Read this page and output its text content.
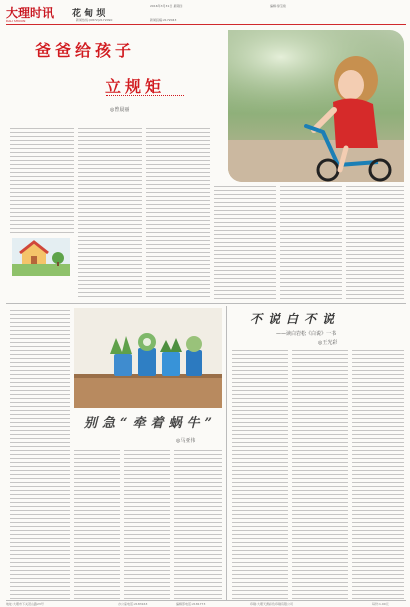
大理时讯
DALI SHIXUN
花 甸 坝
2016年3月31日 星期四	编辑:徐宝艳
新闻热线:(0872)2172090	新闻投稿:2172043
爸爸给孩子
立规矩
◎曾晨丽
别急“牵着蜗牛”
◎马亚伟
不说白不说
——读白岩松《白说》一书
◎王光彩
地址:大理市下关苍山路23号	办公室电话:2183163	编辑部电话:2181773	印刷:大理天源彩色印刷有限公司	每份:1.00元
